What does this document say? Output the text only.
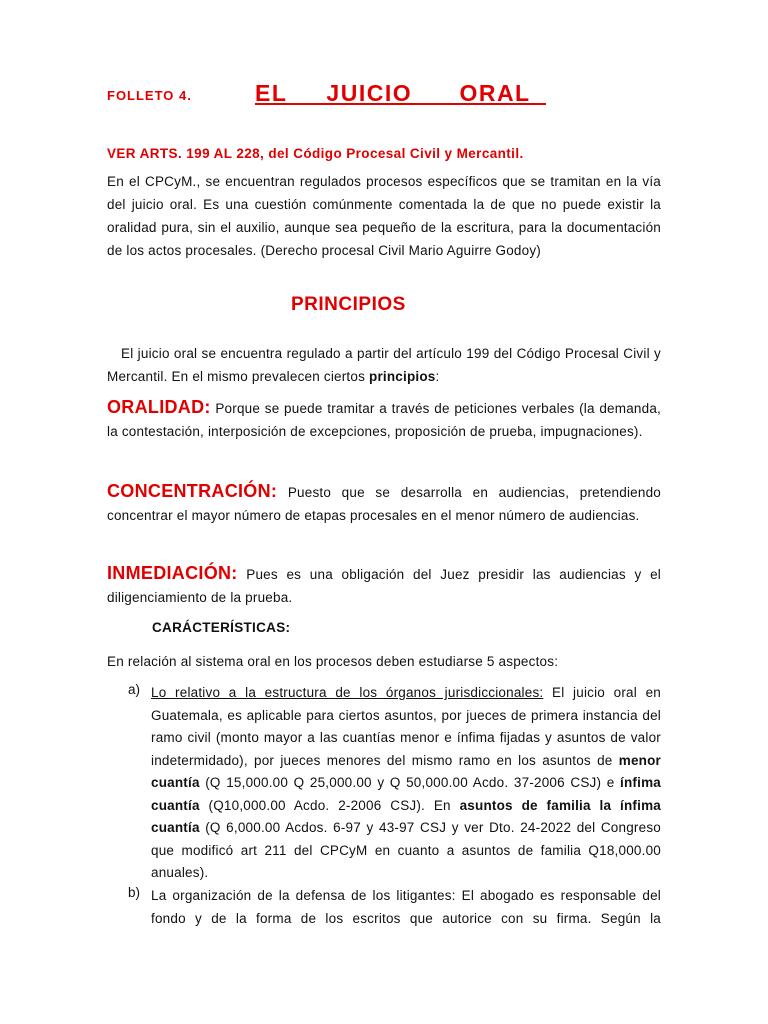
FOLLETO 4.	EL     JUICIO      ORAL
VER ARTS. 199 AL 228, del Código Procesal Civil y Mercantil.
En el CPCyM., se encuentran regulados procesos específicos que se tramitan en la vía del juicio oral. Es una cuestión comúnmente comentada la de que no puede existir la oralidad pura, sin el auxilio, aunque sea pequeño de la escritura, para la documentación de los actos procesales. (Derecho procesal Civil Mario Aguirre Godoy)
PRINCIPIOS
El juicio oral se encuentra regulado a partir del artículo 199 del Código Procesal Civil y Mercantil. En el mismo prevalecen ciertos principios:
ORALIDAD: Porque se puede tramitar a través de peticiones verbales (la demanda, la contestación, interposición de excepciones, proposición de prueba, impugnaciones).
CONCENTRACIÓN: Puesto que se desarrolla en audiencias, pretendiendo concentrar el mayor número de etapas procesales en el menor número de audiencias.
INMEDIACIÓN: Pues es una obligación del Juez presidir las audiencias y el diligenciamiento de la prueba.
CARÁCTERÍSTICAS:
En relación al sistema oral en los procesos deben estudiarse 5 aspectos:
a) Lo relativo a la estructura de los órganos jurisdiccionales: El juicio oral en Guatemala, es aplicable para ciertos asuntos, por jueces de primera instancia del ramo civil (monto mayor a las cuantías menor e ínfima fijadas y asuntos de valor indetermidado), por jueces menores del mismo ramo en los asuntos de menor cuantía (Q 15,000.00 Q 25,000.00 y Q 50,000.00 Acdo. 37-2006 CSJ) e ínfima cuantía (Q10,000.00 Acdo. 2-2006 CSJ). En asuntos de familia la ínfima cuantía (Q 6,000.00 Acdos. 6-97 y 43-97 CSJ y ver Dto. 24-2022 del Congreso que modificó art 211 del CPCyM en cuanto a asuntos de familia Q18,000.00 anuales).
b) La organización de la defensa de los litigantes: El abogado es responsable del fondo y de la forma de los escritos que autorice con su firma. Según la
